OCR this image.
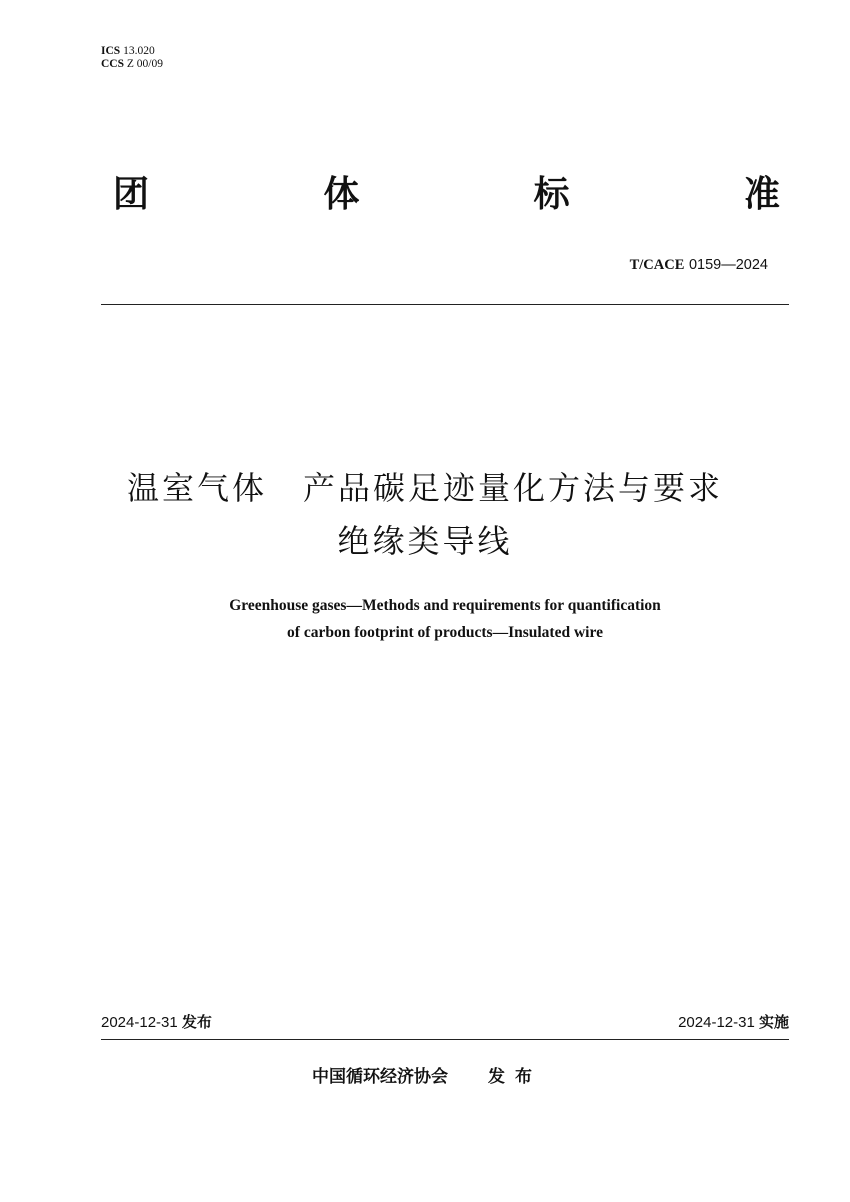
ICS 13.020
CCS Z 00/09
团	体	标	准
T/CACE 0159—2024
温室气体 产品碳足迹量化方法与要求
绝缘类导线
Greenhouse gases—Methods and requirements for quantification
of carbon footprint of products—Insulated wire
2024-12-31 发布	2024-12-31 实施
中国循环经济协会 发布
